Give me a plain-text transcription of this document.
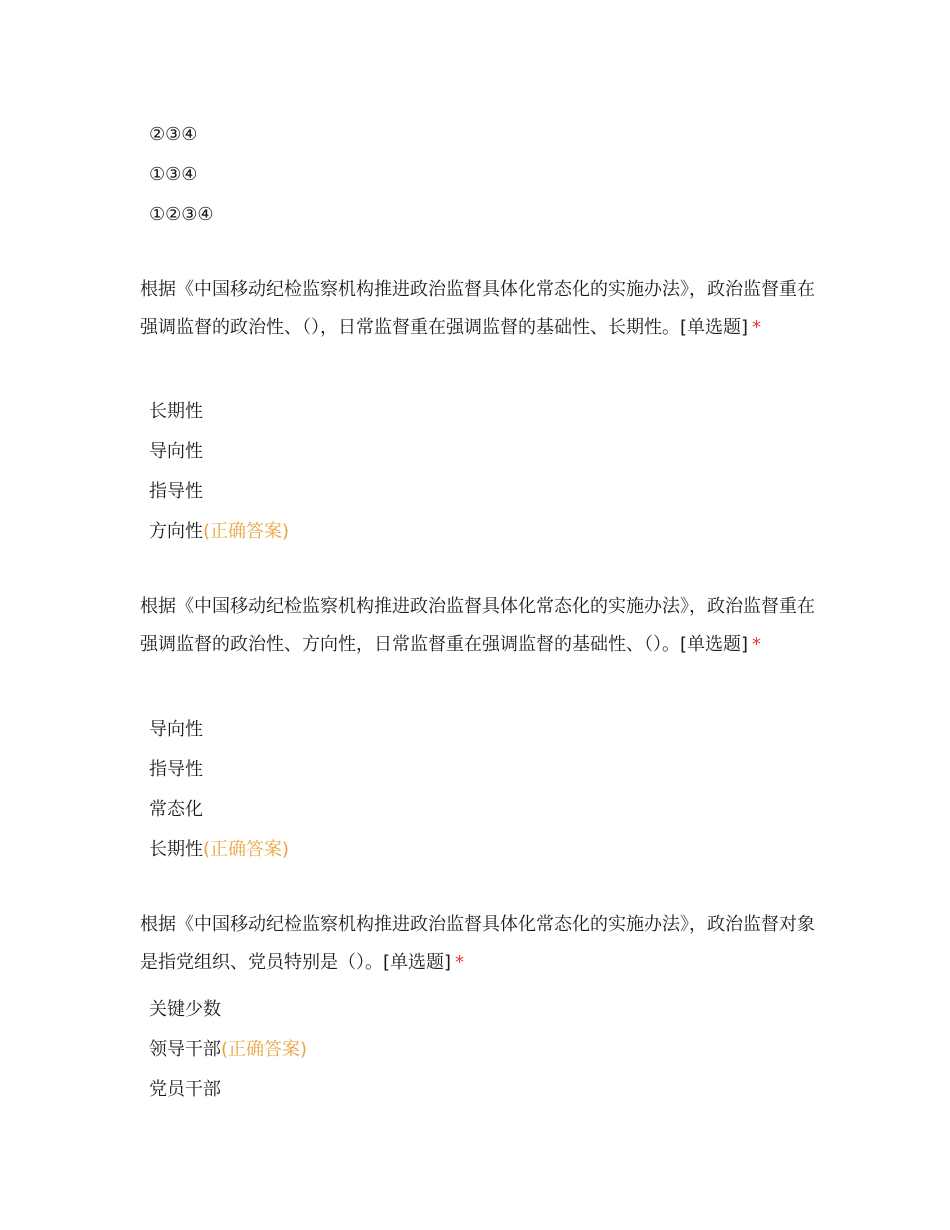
②③④
①③④
①②③④
根据《中国移动纪检监察机构推进政治监督具体化常态化的实施办法》，政治监督重在强调监督的政治性、（），日常监督重在强调监督的基础性、长期性。[单选题] *
长期性
导向性
指导性
方向性(正确答案)
根据《中国移动纪检监察机构推进政治监督具体化常态化的实施办法》，政治监督重在强调监督的政治性、方向性，日常监督重在强调监督的基础性、（）。[单选题] *
导向性
指导性
常态化
长期性(正确答案)
根据《中国移动纪检监察机构推进政治监督具体化常态化的实施办法》，政治监督对象是指党组织、党员特别是（）。[单选题] *
关键少数
领导干部(正确答案)
党员干部
